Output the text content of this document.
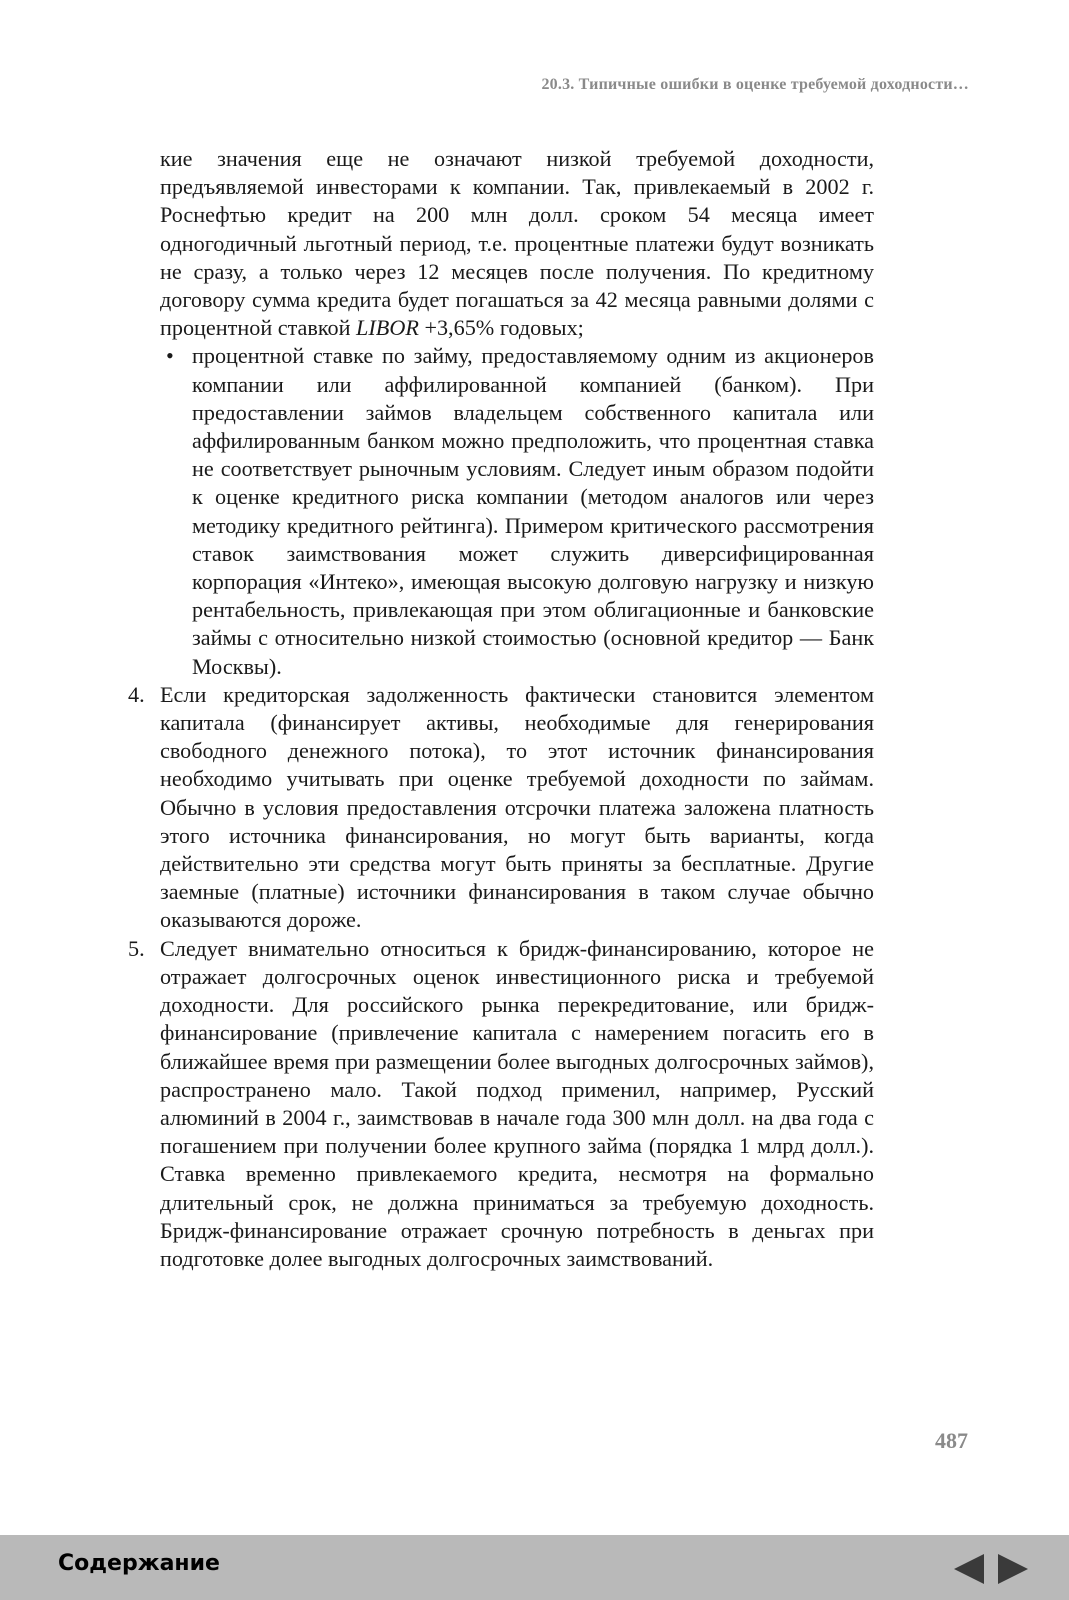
20.3. Типичные ошибки в оценке требуемой доходности…

кие значения еще не означают низкой требуемой доходности, предъявляемой инвесторами к компании. Так, привлекаемый в 2002 г. Роснефтью кредит на 200 млн долл. сроком 54 месяца имеет одногодичный льготный период, т.е. процентные платежи будут возникать не сразу, а только через 12 месяцев после получения. По кредитному договору сумма кредита будет погашаться за 42 месяца равными долями с процентной ставкой LIBOR +3,65% годовых;

• процентной ставке по займу, предоставляемому одним из акционеров компании или аффилированной компанией (банком). При предоставлении займов владельцем собственного капитала или аффилированным банком можно предположить, что процентная ставка не соответствует рыночным условиям. Следует иным образом подойти к оценке кредитного риска компании (методом аналогов или через методику кредитного рейтинга). Примером критического рассмотрения ставок заимствования может служить диверсифицированная корпорация «Интеко», имеющая высокую долговую нагрузку и низкую рентабельность, привлекающая при этом облигационные и банковские займы с относительно низкой стоимостью (основной кредитор — Банк Москвы).

4. Если кредиторская задолженность фактически становится элементом капитала (финансирует активы, необходимые для генерирования свободного денежного потока), то этот источник финансирования необходимо учитывать при оценке требуемой доходности по займам. Обычно в условия предоставления отсрочки платежа заложена платность этого источника финансирования, но могут быть варианты, когда действительно эти средства могут быть приняты за бесплатные. Другие заемные (платные) источники финансирования в таком случае обычно оказываются дороже.

5. Следует внимательно относиться к бридж-финансированию, которое не отражает долгосрочных оценок инвестиционного риска и требуемой доходности. Для российского рынка перекредитование, или бридж-финансирование (привлечение капитала с намерением погасить его в ближайшее время при размещении более выгодных долгосрочных займов), распространено мало. Такой подход применил, например, Русский алюминий в 2004 г., заимствовав в начале года 300 млн долл. на два года с погашением при получении более крупного займа (порядка 1 млрд долл.). Ставка временно привлекаемого кредита, несмотря на формально длительный срок, не должна приниматься за требуемую доходность. Бридж-финансирование отражает срочную потребность в деньгах при подготовке долее выгодных долгосрочных заимствований.

487
Содержание
